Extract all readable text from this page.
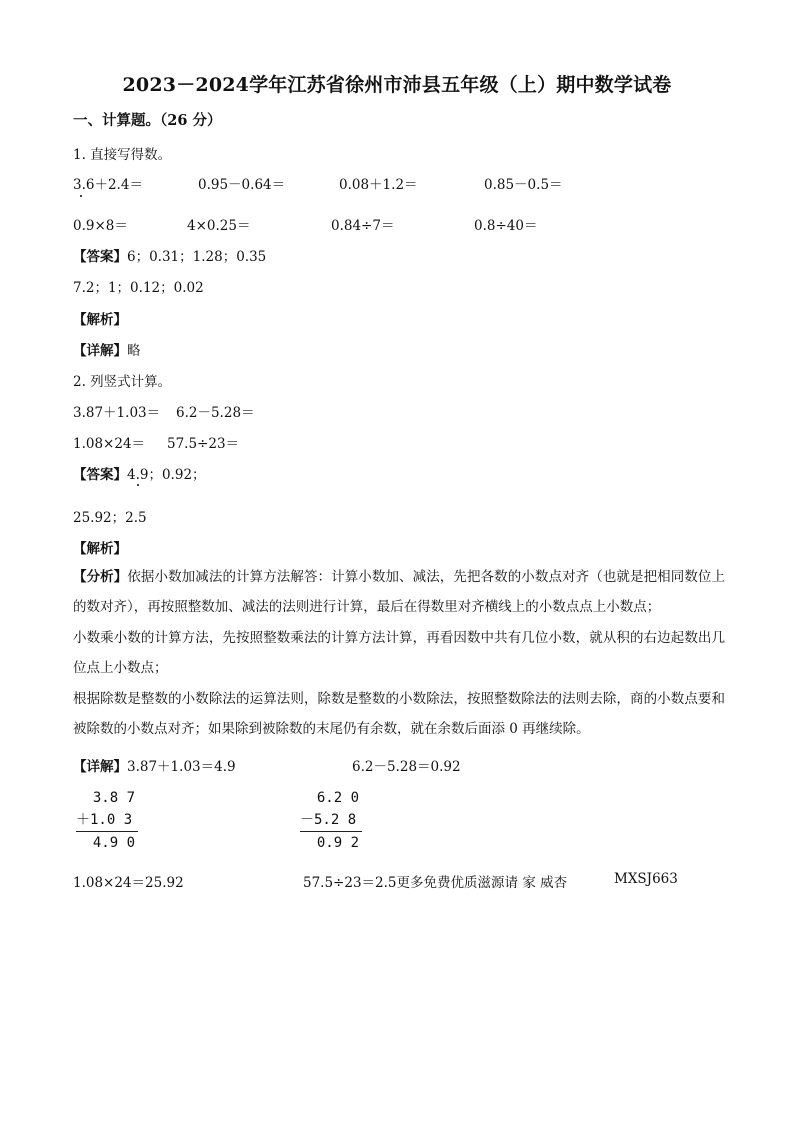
2023－2024学年江苏省徐州市沛县五年级（上）期中数学试卷
一、计算题。（26 分）
1. 直接写得数。
3.6＋2.4＝	0.95－0.64＝	0.08＋1.2＝	0.85－0.5＝
0.9×8＝	4×0.25＝	0.84÷7＝	0.8÷40＝
【答案】6；0.31；1.28；0.35
7.2；1；0.12；0.02
【解析】
【详解】略
2. 列竖式计算。
3.87＋1.03＝ 6.2－5.28＝
1.08×24＝ 57.5÷23＝
【答案】4.9；0.92；
25.92；2.5
【解析】
【分析】依据小数加减法的计算方法解答：计算小数加、减法，先把各数的小数点对齐（也就是把相同数位上的数对齐），再按照整数加、减法的法则进行计算，最后在得数里对齐横线上的小数点点上小数点；
小数乘小数的计算方法，先按照整数乘法的计算方法计算，再看因数中共有几位小数，就从积的右边起数出几位点上小数点；
根据除数是整数的小数除法的运算法则，除数是整数的小数除法，按照整数除法的法则去除，商的小数点要和被除数的小数点对齐；如果除到被除数的末尾仍有余数，就在余数后面添 0 再继续除。
【详解】3.87＋1.03＝4.9	6.2－5.28＝0.92
3.8 7
＋1.0 3
4.9 0
6.2 0
－5.2 8
0.9 2
1.08×24＝25.92	57.5÷23＝2.5更多免费优质滋源请 家 威杏	MXSJ663
